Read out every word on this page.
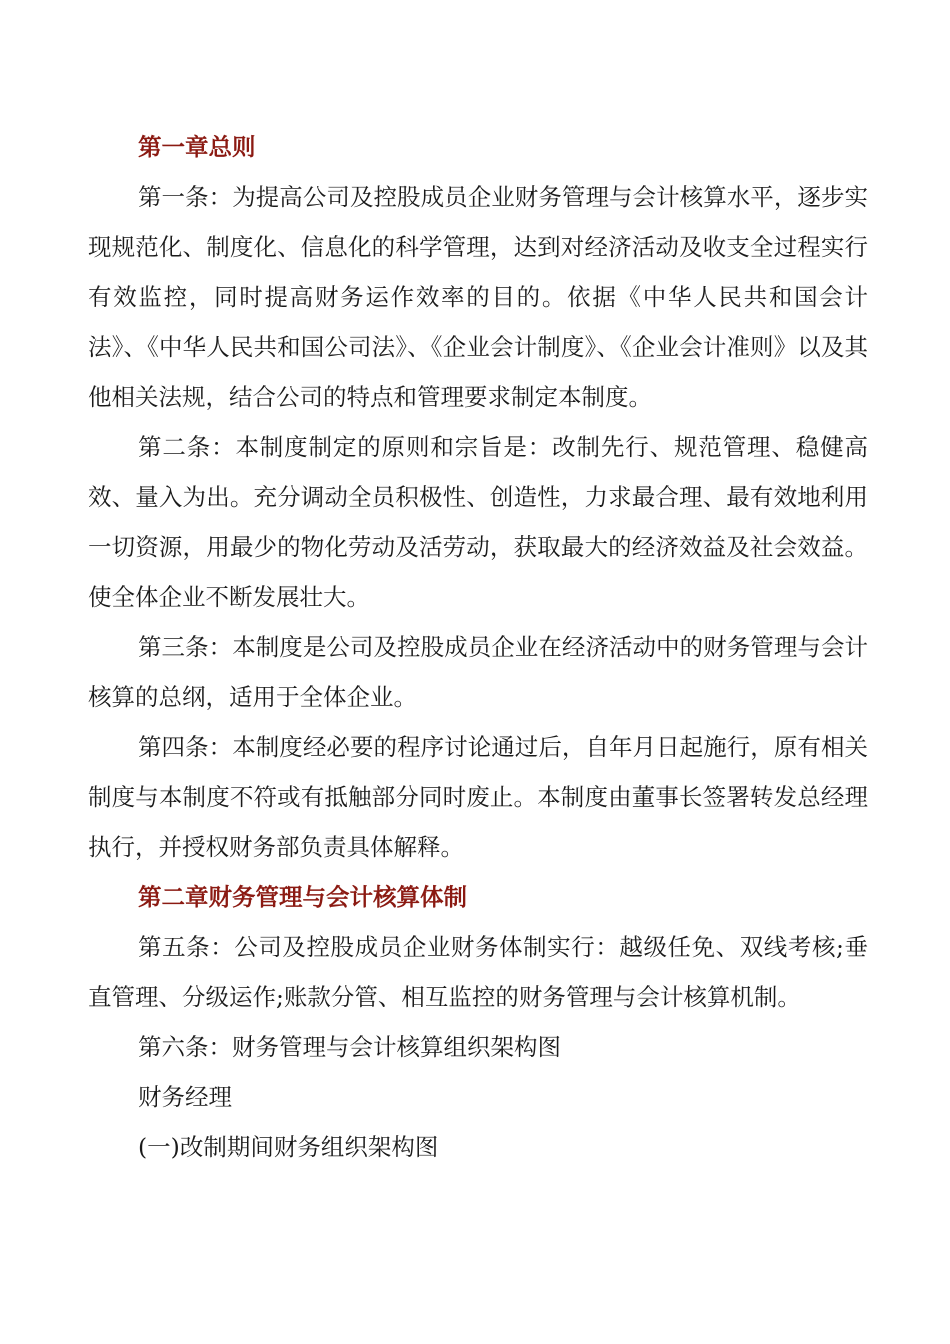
第一章总则

第一条：为提高公司及控股成员企业财务管理与会计核算水平，逐步实现规范化、制度化、信息化的科学管理，达到对经济活动及收支全过程实行有效监控，同时提高财务运作效率的目的。依据《中华人民共和国会计法》、《中华人民共和国公司法》、《企业会计制度》、《企业会计准则》以及其他相关法规，结合公司的特点和管理要求制定本制度。

第二条：本制度制定的原则和宗旨是：改制先行、规范管理、稳健高效、量入为出。充分调动全员积极性、创造性，力求最合理、最有效地利用一切资源，用最少的物化劳动及活劳动，获取最大的经济效益及社会效益。使全体企业不断发展壮大。

第三条：本制度是公司及控股成员企业在经济活动中的财务管理与会计核算的总纲，适用于全体企业。

第四条：本制度经必要的程序讨论通过后，自年月日起施行，原有相关制度与本制度不符或有抵触部分同时废止。本制度由董事长签署转发总经理执行，并授权财务部负责具体解释。

第二章财务管理与会计核算体制

第五条：公司及控股成员企业财务体制实行：越级任免、双线考核;垂直管理、分级运作;账款分管、相互监控的财务管理与会计核算机制。

第六条：财务管理与会计核算组织架构图

财务经理

(一)改制期间财务组织架构图
